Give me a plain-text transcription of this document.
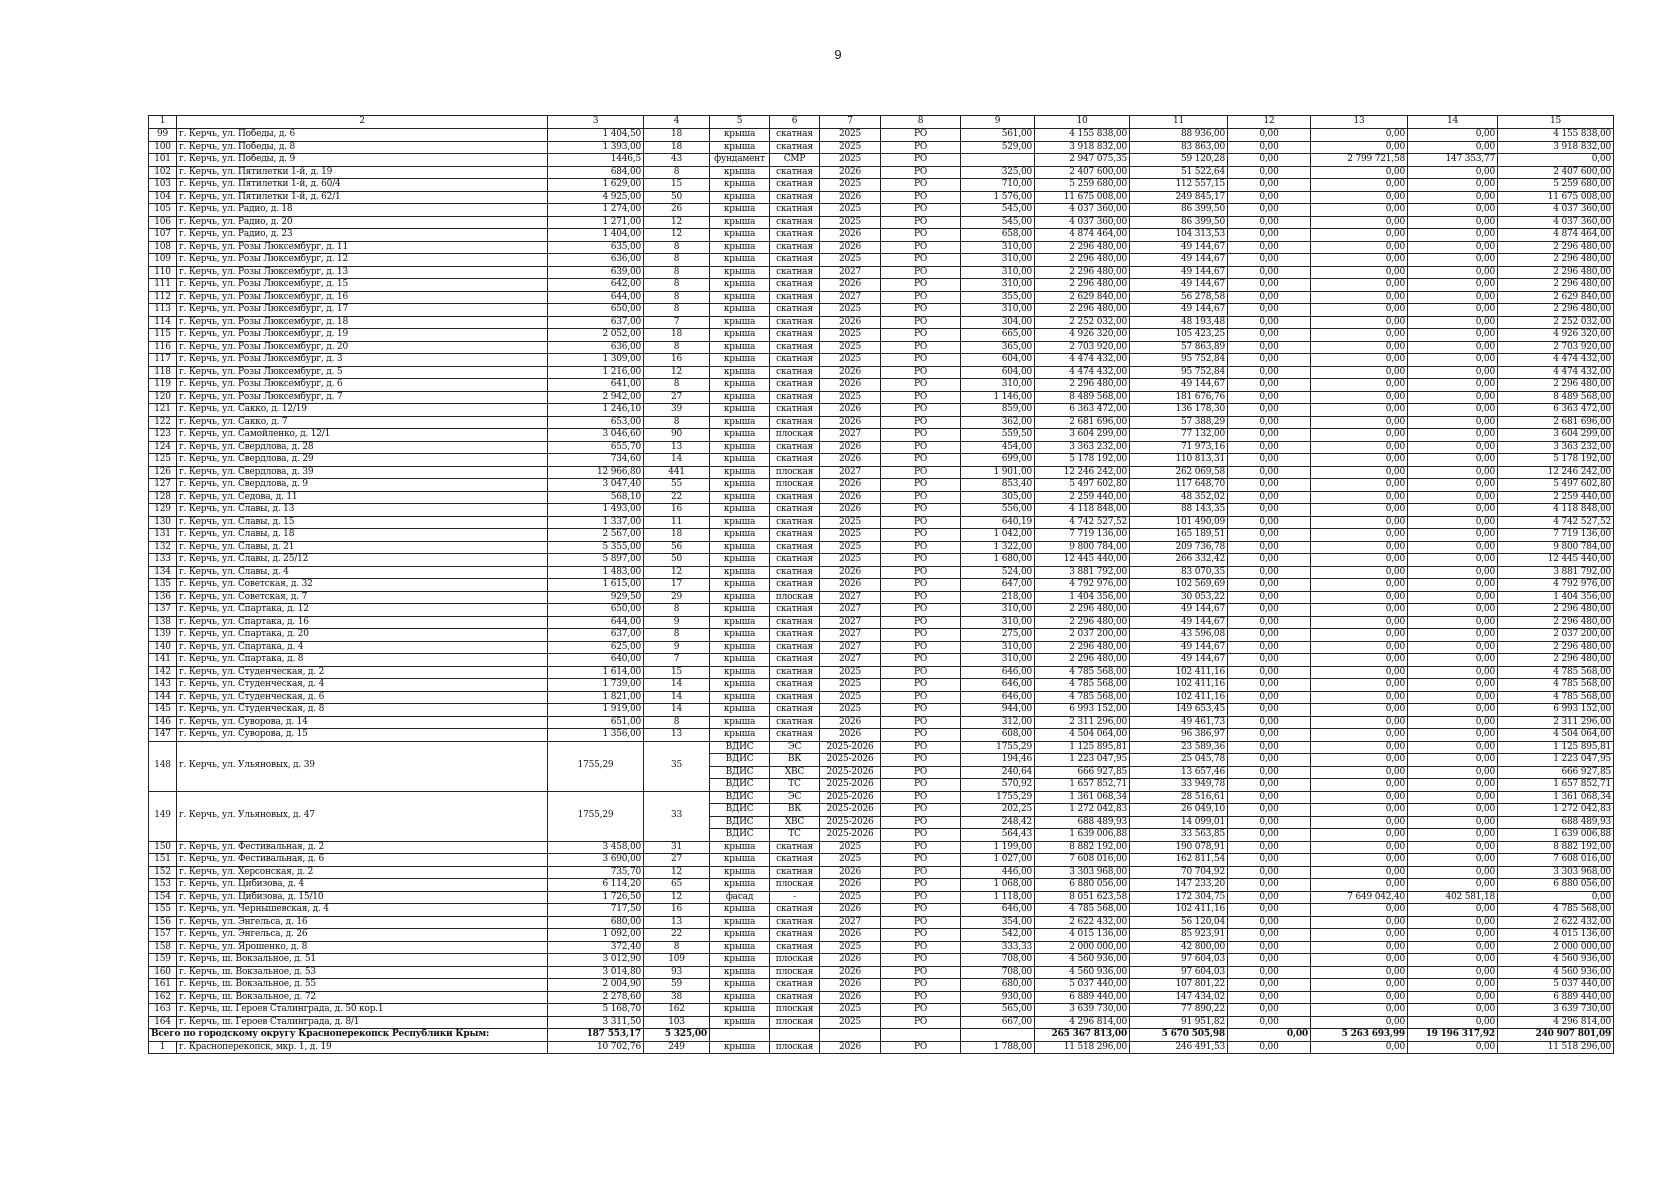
9
1	2	3	4	5	6	7	8	9	10	11	12	13	14	15
99	г. Керчь, ул. Победы, д. 6	1 404,50	18	крыша	скатная	2025	РО	561,00	4 155 838,00	88 936,00	0,00	0,00	0,00	4 155 838,00
100	г. Керчь, ул. Победы, д. 8	1 393,00	18	крыша	скатная	2025	РО	529,00	3 918 832,00	83 863,00	0,00	0,00	0,00	3 918 832,00
101	г. Керчь, ул. Победы, д. 9	1446,5	43	фундамент	СМР	2025	РО		2 947 075,35	59 120,28	0,00	2 799 721,58	147 353,77	0,00
102	г. Керчь, ул. Пятилетки 1-й, д. 19	684,00	8	крыша	скатная	2026	РО	325,00	2 407 600,00	51 522,64	0,00	0,00	0,00	2 407 600,00
103	г. Керчь, ул. Пятилетки 1-й, д. 60/4	1 629,00	15	крыша	скатная	2025	РО	710,00	5 259 680,00	112 557,15	0,00	0,00	0,00	5 259 680,00
104	г. Керчь, ул. Пятилетки 1-й, д. 62/1	4 925,00	50	крыша	скатная	2026	РО	1 576,00	11 675 008,00	249 845,17	0,00	0,00	0,00	11 675 008,00
105	г. Керчь, ул. Радио, д. 18	1 274,00	26	крыша	скатная	2025	РО	545,00	4 037 360,00	86 399,50	0,00	0,00	0,00	4 037 360,00
106	г. Керчь, ул. Радио, д. 20	1 271,00	12	крыша	скатная	2025	РО	545,00	4 037 360,00	86 399,50	0,00	0,00	0,00	4 037 360,00
107	г. Керчь, ул. Радио, д. 23	1 404,00	12	крыша	скатная	2026	РО	658,00	4 874 464,00	104 313,53	0,00	0,00	0,00	4 874 464,00
108	г. Керчь, ул. Розы Люксембург, д. 11	635,00	8	крыша	скатная	2026	РО	310,00	2 296 480,00	49 144,67	0,00	0,00	0,00	2 296 480,00
109	г. Керчь, ул. Розы Люксембург, д. 12	636,00	8	крыша	скатная	2025	РО	310,00	2 296 480,00	49 144,67	0,00	0,00	0,00	2 296 480,00
110	г. Керчь, ул. Розы Люксембург, д. 13	639,00	8	крыша	скатная	2027	РО	310,00	2 296 480,00	49 144,67	0,00	0,00	0,00	2 296 480,00
111	г. Керчь, ул. Розы Люксембург, д. 15	642,00	8	крыша	скатная	2026	РО	310,00	2 296 480,00	49 144,67	0,00	0,00	0,00	2 296 480,00
112	г. Керчь, ул. Розы Люксембург, д. 16	644,00	8	крыша	скатная	2027	РО	355,00	2 629 840,00	56 278,58	0,00	0,00	0,00	2 629 840,00
113	г. Керчь, ул. Розы Люксембург, д. 17	650,00	8	крыша	скатная	2025	РО	310,00	2 296 480,00	49 144,67	0,00	0,00	0,00	2 296 480,00
114	г. Керчь, ул. Розы Люксембург, д. 18	637,00	7	крыша	скатная	2026	РО	304,00	2 252 032,00	48 193,48	0,00	0,00	0,00	2 252 032,00
115	г. Керчь, ул. Розы Люксембург, д. 19	2 052,00	18	крыша	скатная	2025	РО	665,00	4 926 320,00	105 423,25	0,00	0,00	0,00	4 926 320,00
116	г. Керчь, ул. Розы Люксембург, д. 20	636,00	8	крыша	скатная	2025	РО	365,00	2 703 920,00	57 863,89	0,00	0,00	0,00	2 703 920,00
117	г. Керчь, ул. Розы Люксембург, д. 3	1 309,00	16	крыша	скатная	2025	РО	604,00	4 474 432,00	95 752,84	0,00	0,00	0,00	4 474 432,00
118	г. Керчь, ул. Розы Люксембург, д. 5	1 216,00	12	крыша	скатная	2026	РО	604,00	4 474 432,00	95 752,84	0,00	0,00	0,00	4 474 432,00
119	г. Керчь, ул. Розы Люксембург, д. 6	641,00	8	крыша	скатная	2026	РО	310,00	2 296 480,00	49 144,67	0,00	0,00	0,00	2 296 480,00
120	г. Керчь, ул. Розы Люксембург, д. 7	2 942,00	27	крыша	скатная	2025	РО	1 146,00	8 489 568,00	181 676,76	0,00	0,00	0,00	8 489 568,00
121	г. Керчь, ул. Сакко, д. 12/19	1 246,10	39	крыша	скатная	2026	РО	859,00	6 363 472,00	136 178,30	0,00	0,00	0,00	6 363 472,00
122	г. Керчь, ул. Сакко, д. 7	653,00	8	крыша	скатная	2026	РО	362,00	2 681 696,00	57 388,29	0,00	0,00	0,00	2 681 696,00
123	г. Керчь, ул. Самойленко, д. 12/1	3 046,60	90	крыша	плоская	2027	РО	559,50	3 604 299,00	77 132,00	0,00	0,00	0,00	3 604 299,00
124	г. Керчь, ул. Свердлова, д. 28	655,70	13	крыша	скатная	2026	РО	454,00	3 363 232,00	71 973,16	0,00	0,00	0,00	3 363 232,00
125	г. Керчь, ул. Свердлова, д. 29	734,60	14	крыша	скатная	2026	РО	699,00	5 178 192,00	110 813,31	0,00	0,00	0,00	5 178 192,00
126	г. Керчь, ул. Свердлова, д. 39	12 966,80	441	крыша	плоская	2027	РО	1 901,00	12 246 242,00	262 069,58	0,00	0,00	0,00	12 246 242,00
127	г. Керчь, ул. Свердлова, д. 9	3 047,40	55	крыша	плоская	2026	РО	853,40	5 497 602,80	117 648,70	0,00	0,00	0,00	5 497 602,80
128	г. Керчь, ул. Седова, д. 11	568,10	22	крыша	скатная	2026	РО	305,00	2 259 440,00	48 352,02	0,00	0,00	0,00	2 259 440,00
129	г. Керчь, ул. Славы, д. 13	1 493,00	16	крыша	скатная	2026	РО	556,00	4 118 848,00	88 143,35	0,00	0,00	0,00	4 118 848,00
130	г. Керчь, ул. Славы, д. 15	1 337,00	11	крыша	скатная	2025	РО	640,19	4 742 527,52	101 490,09	0,00	0,00	0,00	4 742 527,52
131	г. Керчь, ул. Славы, д. 18	2 567,00	18	крыша	скатная	2025	РО	1 042,00	7 719 136,00	165 189,51	0,00	0,00	0,00	7 719 136,00
132	г. Керчь, ул. Славы, д. 21	5 355,00	56	крыша	скатная	2025	РО	1 322,00	9 800 784,00	209 736,78	0,00	0,00	0,00	9 800 784,00
133	г. Керчь, ул. Славы, д. 25/12	5 897,00	50	крыша	скатная	2025	РО	1 680,00	12 445 440,00	266 332,42	0,00	0,00	0,00	12 445 440,00
134	г. Керчь, ул. Славы, д. 4	1 483,00	12	крыша	скатная	2026	РО	524,00	3 881 792,00	83 070,35	0,00	0,00	0,00	3 881 792,00
135	г. Керчь, ул. Советская, д. 32	1 615,00	17	крыша	скатная	2026	РО	647,00	4 792 976,00	102 569,69	0,00	0,00	0,00	4 792 976,00
136	г. Керчь, ул. Советская, д. 7	929,50	29	крыша	плоская	2027	РО	218,00	1 404 356,00	30 053,22	0,00	0,00	0,00	1 404 356,00
137	г. Керчь, ул. Спартака, д. 12	650,00	8	крыша	скатная	2027	РО	310,00	2 296 480,00	49 144,67	0,00	0,00	0,00	2 296 480,00
138	г. Керчь, ул. Спартака, д. 16	644,00	9	крыша	скатная	2027	РО	310,00	2 296 480,00	49 144,67	0,00	0,00	0,00	2 296 480,00
139	г. Керчь, ул. Спартака, д. 20	637,00	8	крыша	скатная	2027	РО	275,00	2 037 200,00	43 596,08	0,00	0,00	0,00	2 037 200,00
140	г. Керчь, ул. Спартака, д. 4	625,00	9	крыша	скатная	2027	РО	310,00	2 296 480,00	49 144,67	0,00	0,00	0,00	2 296 480,00
141	г. Керчь, ул. Спартака, д. 8	640,00	7	крыша	скатная	2027	РО	310,00	2 296 480,00	49 144,67	0,00	0,00	0,00	2 296 480,00
142	г. Керчь, ул. Студенческая, д. 2	1 614,00	15	крыша	скатная	2025	РО	646,00	4 785 568,00	102 411,16	0,00	0,00	0,00	4 785 568,00
143	г. Керчь, ул. Студенческая, д. 4	1 739,00	14	крыша	скатная	2025	РО	646,00	4 785 568,00	102 411,16	0,00	0,00	0,00	4 785 568,00
144	г. Керчь, ул. Студенческая, д. 6	1 821,00	14	крыша	скатная	2025	РО	646,00	4 785 568,00	102 411,16	0,00	0,00	0,00	4 785 568,00
145	г. Керчь, ул. Студенческая, д. 8	1 919,00	14	крыша	скатная	2025	РО	944,00	6 993 152,00	149 653,45	0,00	0,00	0,00	6 993 152,00
146	г. Керчь, ул. Суворова, д. 14	651,00	8	крыша	скатная	2026	РО	312,00	2 311 296,00	49 461,73	0,00	0,00	0,00	2 311 296,00
147	г. Керчь, ул. Суворова, д. 15	1 356,00	13	крыша	скатная	2026	РО	608,00	4 504 064,00	96 386,97	0,00	0,00	0,00	4 504 064,00
148	г. Керчь, ул. Ульяновых, д. 39	1755,29	35	ВДИС	ЭС	2025-2026	РО	1755,29	1 125 895,81	23 589,36	0,00	0,00	0,00	1 125 895,81
				ВДИС	ВК	2025-2026	РО	194,46	1 223 047,95	25 045,78	0,00	0,00	0,00	1 223 047,95
				ВДИС	ХВС	2025-2026	РО	240,64	666 927,85	13 657,46	0,00	0,00	0,00	666 927,85
				ВДИС	ТС	2025-2026	РО	570,92	1 657 852,71	33 949,78	0,00	0,00	0,00	1 657 852,71
149	г. Керчь, ул. Ульяновых, д. 47	1755,29	33	ВДИС	ЭС	2025-2026	РО	1755,29	1 361 068,34	28 516,61	0,00	0,00	0,00	1 361 068,34
				ВДИС	ВК	2025-2026	РО	202,25	1 272 042,83	26 049,10	0,00	0,00	0,00	1 272 042,83
				ВДИС	ХВС	2025-2026	РО	248,42	688 489,93	14 099,01	0,00	0,00	0,00	688 489,93
				ВДИС	ТС	2025-2026	РО	564,43	1 639 006,88	33 563,85	0,00	0,00	0,00	1 639 006,88
150	г. Керчь, ул. Фестивальная, д. 2	3 458,00	31	крыша	скатная	2025	РО	1 199,00	8 882 192,00	190 078,91	0,00	0,00	0,00	8 882 192,00
151	г. Керчь, ул. Фестивальная, д. 6	3 690,00	27	крыша	скатная	2025	РО	1 027,00	7 608 016,00	162 811,54	0,00	0,00	0,00	7 608 016,00
152	г. Керчь, ул. Херсонская, д. 2	735,70	12	крыша	скатная	2026	РО	446,00	3 303 968,00	70 704,92	0,00	0,00	0,00	3 303 968,00
153	г. Керчь, ул. Цибизова, д. 4	6 114,20	65	крыша	плоская	2026	РО	1 068,00	6 880 056,00	147 233,20	0,00	0,00	0,00	6 880 056,00
154	г. Керчь, ул. Цибизова, д. 15/10	1 726,50	12	фасад	-	2025	РО	1 118,00	8 051 623,58	172 304,75	0,00	7 649 042,40	402 581,18	0,00
155	г. Керчь, ул. Чернышевская, д. 4	717,50	16	крыша	скатная	2026	РО	646,00	4 785 568,00	102 411,16	0,00	0,00	0,00	4 785 568,00
156	г. Керчь, ул. Энгельса, д. 16	680,00	13	крыша	скатная	2027	РО	354,00	2 622 432,00	56 120,04	0,00	0,00	0,00	2 622 432,00
157	г. Керчь, ул. Энгельса, д. 26	1 092,00	22	крыша	скатная	2026	РО	542,00	4 015 136,00	85 923,91	0,00	0,00	0,00	4 015 136,00
158	г. Керчь, ул. Ярошенко, д. 8	372,40	8	крыша	скатная	2025	РО	333,33	2 000 000,00	42 800,00	0,00	0,00	0,00	2 000 000,00
159	г. Керчь, ш. Вокзальное, д. 51	3 012,90	109	крыша	плоская	2026	РО	708,00	4 560 936,00	97 604,03	0,00	0,00	0,00	4 560 936,00
160	г. Керчь, ш. Вокзальное, д. 53	3 014,80	93	крыша	плоская	2026	РО	708,00	4 560 936,00	97 604,03	0,00	0,00	0,00	4 560 936,00
161	г. Керчь, ш. Вокзальное, д. 55	2 004,90	59	крыша	скатная	2026	РО	680,00	5 037 440,00	107 801,22	0,00	0,00	0,00	5 037 440,00
162	г. Керчь, ш. Вокзальное, д. 72	2 278,60	38	крыша	скатная	2026	РО	930,00	6 889 440,00	147 434,02	0,00	0,00	0,00	6 889 440,00
163	г. Керчь, ш. Героев Сталинграда, д. 50 кор.1	5 168,70	162	крыша	плоская	2025	РО	565,00	3 639 730,00	77 890,22	0,00	0,00	0,00	3 639 730,00
164	г. Керчь, ш. Героев Сталинграда, д. 8/1	3 311,50	103	крыша	плоская	2025	РО	667,00	4 296 814,00	91 951,82	0,00	0,00	0,00	4 296 814,00
Всего по городскому округу Красноперекопск Республики Крым:		187 553,17	5 325,00						265 367 813,00	5 670 505,98	0,00	5 263 693,99	19 196 317,92	240 907 801,09
1	г. Красноперекопск, мкр. 1, д. 19	10 702,76	249	крыша	плоская	2026	РО	1 788,00	11 518 296,00	246 491,53	0,00	0,00	0,00	11 518 296,00
